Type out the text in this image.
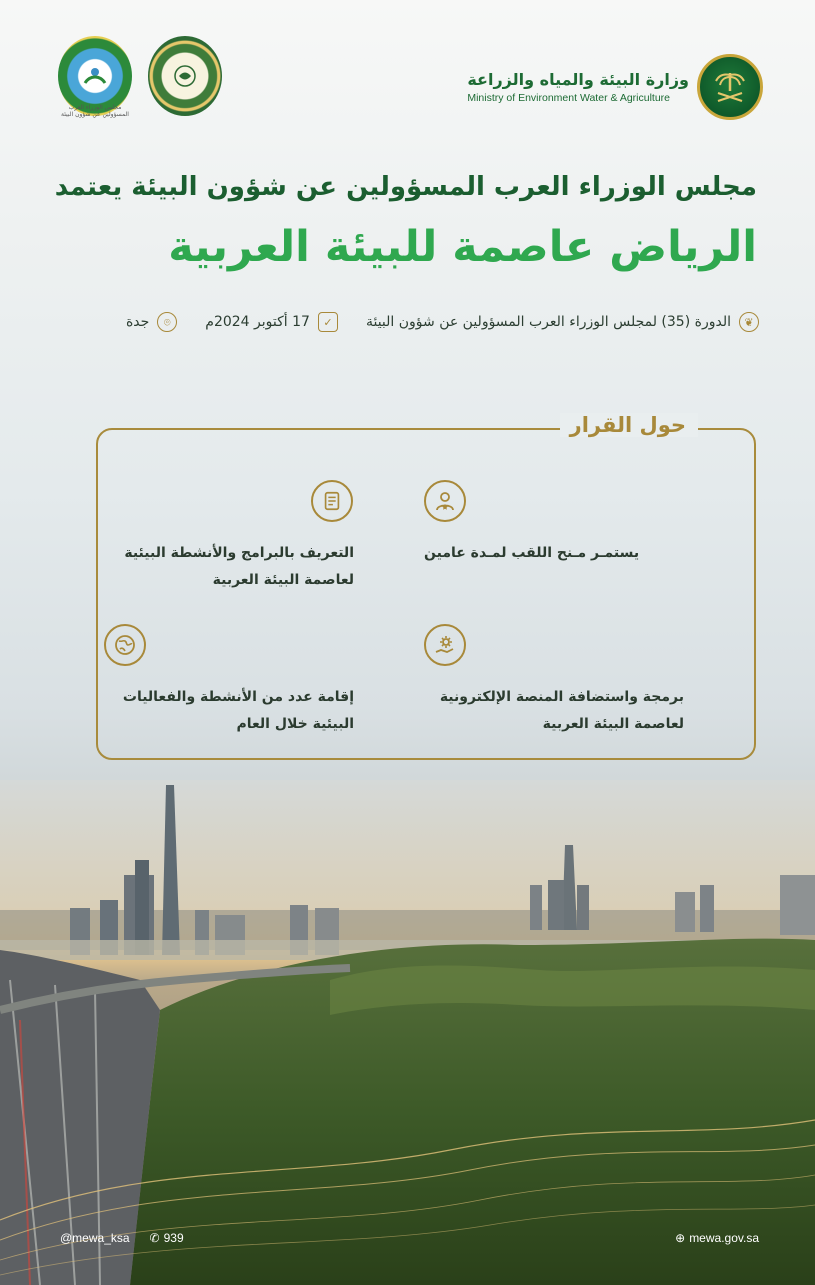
وزارة البيئة والمياه والزراعة
Ministry of Environment Water & Agriculture
مجلس الوزراء العرب المسؤولين عن شؤون البيئة
مجلس الوزراء العرب المسؤولين عن شؤون البيئة يعتمد
الرياض عاصمة للبيئة العربية
❦
الدورة (35) لمجلس الوزراء العرب المسؤولين عن شؤون البيئة
✓
17 أكتوبر 2024م
⌾
جدة
حول القرار
يستمـر مـنح اللقب لمـدة عامين
التعريف بالبرامج والأنشطة البيئية لعاصمة البيئة العربية
برمجة واستضافة المنصة الإلكترونية لعاصمة البيئة العربية
إقامة عدد من الأنشطة والفعاليات البيئية خلال العام
@mewa_ksa ✆ 939	⊕ mewa.gov.sa
